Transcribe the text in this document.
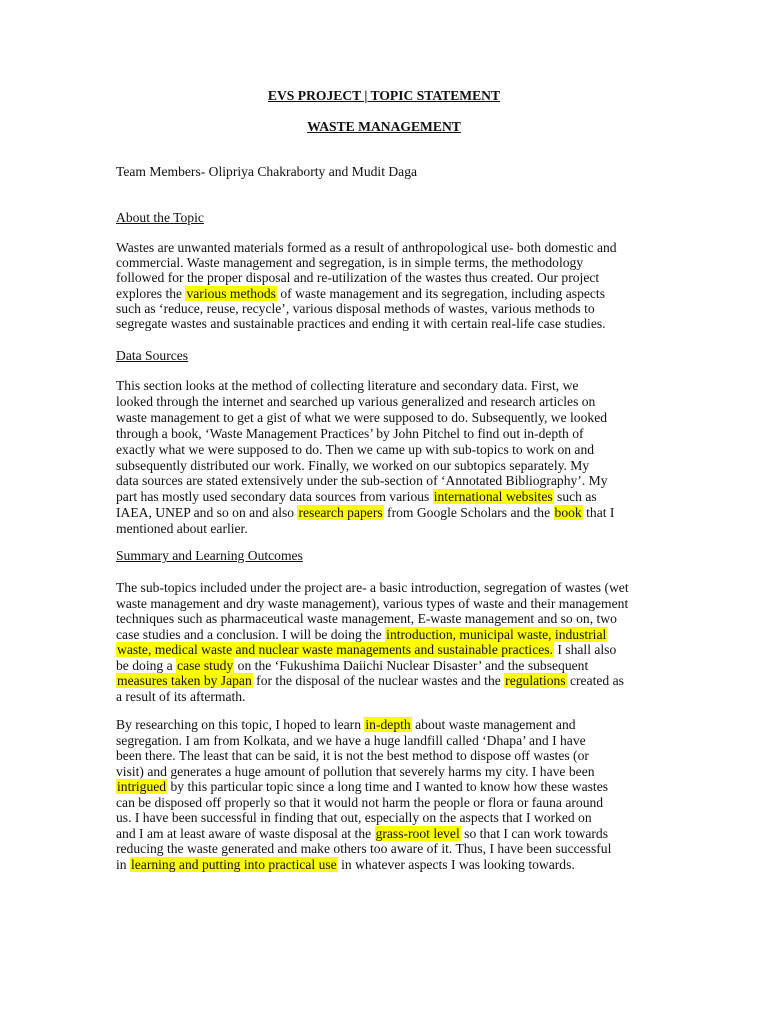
EVS PROJECT | TOPIC STATEMENT
WASTE MANAGEMENT
Team Members- Olipriya Chakraborty and Mudit Daga
About the Topic
Wastes are unwanted materials formed as a result of anthropological use- both domestic and
commercial. Waste management and segregation, is in simple terms, the methodology
followed for the proper disposal and re-utilization of the wastes thus created. Our project
explores the various methods of waste management and its segregation, including aspects
such as ‘reduce, reuse, recycle’, various disposal methods of wastes, various methods to
segregate wastes and sustainable practices and ending it with certain real-life case studies.
Data Sources
This section looks at the method of collecting literature and secondary data. First, we
looked through the internet and searched up various generalized and research articles on
waste management to get a gist of what we were supposed to do. Subsequently, we looked
through a book, ‘Waste Management Practices’ by John Pitchel to find out in-depth of
exactly what we were supposed to do. Then we came up with sub-topics to work on and
subsequently distributed our work. Finally, we worked on our subtopics separately. My
data sources are stated extensively under the sub-section of ‘Annotated Bibliography’. My
part has mostly used secondary data sources from various international websites such as
IAEA, UNEP and so on and also research papers from Google Scholars and the book that I
mentioned about earlier.
Summary and Learning Outcomes
The sub-topics included under the project are- a basic introduction, segregation of wastes (wet
waste management and dry waste management), various types of waste and their management
techniques such as pharmaceutical waste management, E-waste management and so on, two
case studies and a conclusion. I will be doing the introduction, municipal waste, industrial
waste, medical waste and nuclear waste managements and sustainable practices. I shall also
be doing a case study on the ‘Fukushima Daiichi Nuclear Disaster’ and the subsequent
measures taken by Japan for the disposal of the nuclear wastes and the regulations created as
a result of its aftermath.
By researching on this topic, I hoped to learn in-depth about waste management and
segregation. I am from Kolkata, and we have a huge landfill called ‘Dhapa’ and I have
been there. The least that can be said, it is not the best method to dispose off wastes (or
visit) and generates a huge amount of pollution that severely harms my city. I have been
intrigued by this particular topic since a long time and I wanted to know how these wastes
can be disposed off properly so that it would not harm the people or flora or fauna around
us. I have been successful in finding that out, especially on the aspects that I worked on
and I am at least aware of waste disposal at the grass-root level so that I can work towards
reducing the waste generated and make others too aware of it. Thus, I have been successful
in learning and putting into practical use in whatever aspects I was looking towards.
